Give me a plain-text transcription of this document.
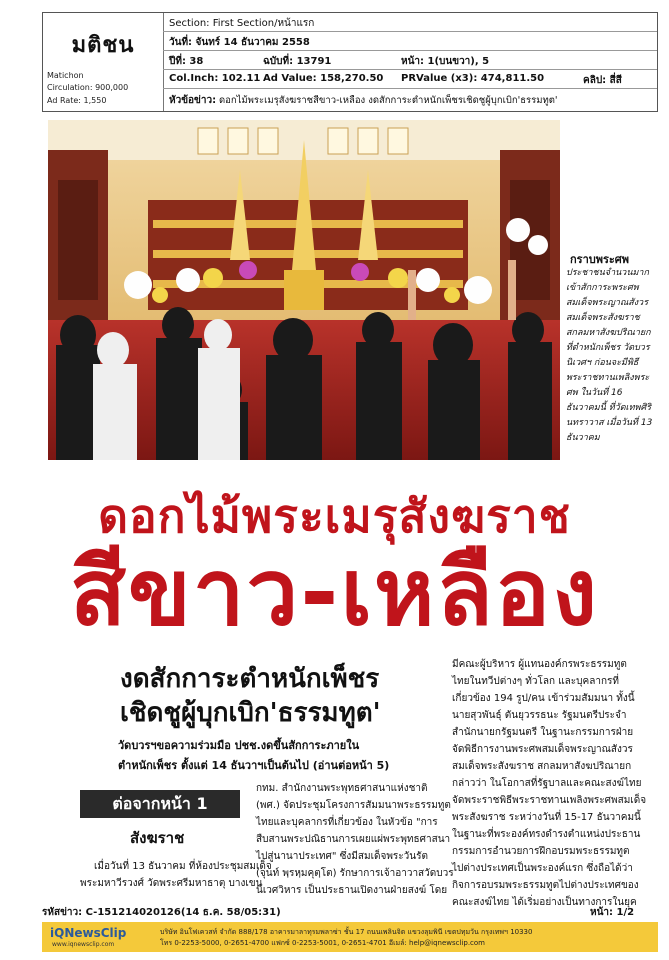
มติชน
Matichon
Circulation: 900,000
Ad Rate: 1,550
Section: First Section/หน้าแรก
วันที่: จันทร์ 14 ธันวาคม 2558
ปีที่: 38	ฉบับที่: 13791	หน้า: 1(บนขวา), 5
Col.Inch: 102.11 Ad Value: 158,270.50 PRValue (x3): 474,811.50	คลิป: สี่สี
หัวข้อข่าว: ดอกไม้พระเมรุสังฆราชสีขาว-เหลือง งดสักการะตำหนักเพ็ชรเชิดชูผู้บุกเบิก'ธรรมทูต'
กราบพระศพ
ประชาชนจำนวนมากเข้าสักการะพระศพสมเด็จพระญาณสังวร สมเด็จพระสังฆราช สกลมหาสังฆปริณายก ที่ตำหนักเพ็ชร วัดบวรนิเวศฯ ก่อนจะมีพิธีพระราชทานเพลิงพระศพ ในวันที่ 16 ธันวาคมนี้ ที่วัดเทพศิรินทราวาส เมื่อวันที่ 13 ธันวาคม
ดอกไม้พระเมรุสังฆราช
สีขาว-เหลือง
งดสักการะตำหนักเพ็ชร
เชิดชูผู้บุกเบิก'ธรรมทูต'
วัดบวรฯขอความร่วมมือ ปชช.งดขึ้นสักการะภายใน
ตำหนักเพ็ชร ตั้งแต่ 14 ธันวาฯเป็นต้นไป (อ่านต่อหน้า 5)
ต่อจากหน้า 1
สังฆราช
เมื่อวันที่ 13 ธันวาคม ที่ห้องประชุมสมเด็จ
พระมหาวีรวงศ์ วัดพระศรีมหาธาตุ บางเขน
กทม. สำนักงานพระพุทธศาสนาแห่งชาติ
(พศ.) จัดประชุมโครงการสัมมนาพระธรรมทูต
ไทยและบุคลากรที่เกี่ยวข้อง ในหัวข้อ "การ
สืบสานพระปณิธานการเผยแผ่พระพุทธศาสนา
ไปสู่นานาประเทศ" ซึ่งมีสมเด็จพระวันรัต
(จุนท์ พฺรหฺมคุตฺโต) รักษาการเจ้าอาวาสวัดบวร
นิเวศวิหาร เป็นประธานเปิดงานฝ่ายสงฆ์ โดย
มีคณะผู้บริหาร ผู้แทนองค์กรพระธรรมทูต
ไทยในทวีปต่างๆ ทั่วโลก และบุคลากรที่
เกี่ยวข้อง 194 รูป/คน เข้าร่วมสัมมนา ทั้งนี้
นายสุวพันธุ์ ตันยุวรรธนะ รัฐมนตรีประจำ
สำนักนายกรัฐมนตรี ในฐานะกรรมการฝ่าย
จัดพิธีการงานพระศพสมเด็จพระญาณสังวร
สมเด็จพระสังฆราช สกลมหาสังฆปริณายก
กล่าวว่า ในโอกาสที่รัฐบาลและคณะสงฆ์ไทย
จัดพระราชพิธีพระราชทานเพลิงพระศพสมเด็จ
พระสังฆราช ระหว่างวันที่ 15-17 ธันวาคมนี้
ในฐานะที่พระองค์ทรงดำรงตำแหน่งประธาน
กรรมการอำนวยการฝึกอบรมพระธรรมทูต
ไปต่างประเทศเป็นพระองค์แรก ซึ่งถือได้ว่า
กิจการอบรมพระธรรมทูตไปต่างประเทศของ
คณะสงฆ์ไทย ได้เริ่มอย่างเป็นทางการในยุค
รหัสข่าว: C-151214020126(14 ธ.ค. 58/05:31)	หน้า: 1/2
iQNewsClip
www.iqnewsclip.com
บริษัท อินโฟเควสท์ จำกัด 888/178 อาคารมาลาทุรมพลาซ่า ชั้น 17 ถนนเพลินจิต แขวงลุมพินี เขตปทุมวัน กรุงเทพฯ 10330
โทร 0-2253-5000, 0-2651-4700 แฟกซ์ 0-2253-5001, 0-2651-4701 อีเมล์: help@iqnewsclip.com
